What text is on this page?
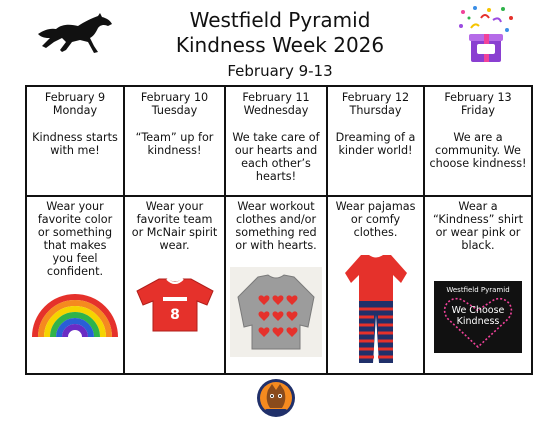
Westfield Pyramid
Kindness Week 2026
February 9-13
February 9
Monday
Kindness starts with me!
February 10
Tuesday
“Team” up for kindness!
February 11
Wednesday
We take care of our hearts and each other’s hearts!
February 12
Thursday
Dreaming of a kinder world!
February 13
Friday
We are a community. We choose kindness!
Wear your favorite color or something that makes you feel confident.
Wear your favorite team or McNair spirit wear.
8
Wear workout clothes and/or something red or with hearts.
Wear pajamas or comfy clothes.
Wear a “Kindness” shirt or wear pink or black.
Westfield Pyramid
We Choose
Kindness
